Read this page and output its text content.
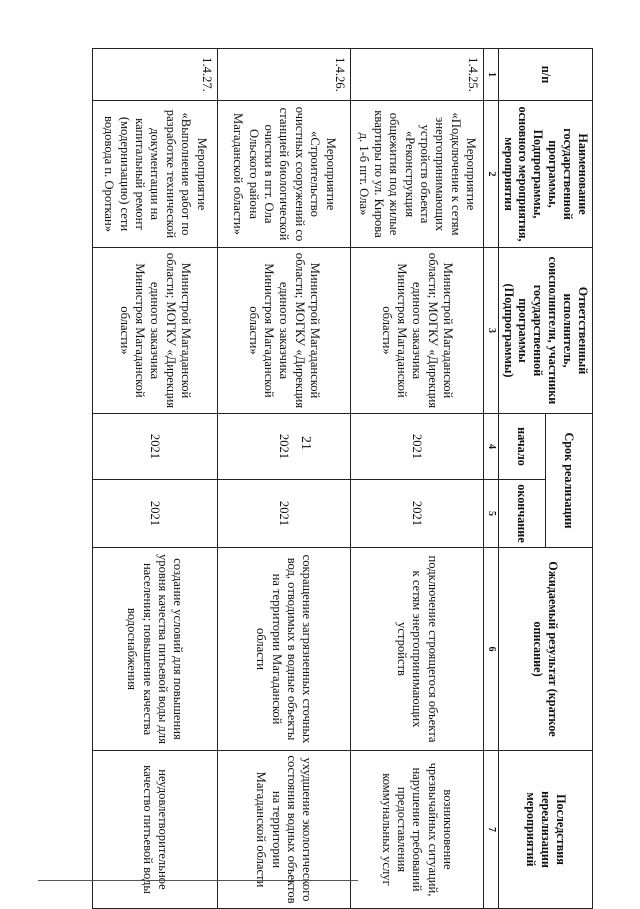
21
п/п	Наименование государственной программы, Подпрограммы, основного мероприятия, мероприятия	Ответственный исполнитель, соисполнители, участники государственной программы (Подпрограммы)	Срок реализации		Ожидаемый результат (краткое описание)	Последствия нереализации мероприятий
			начало	окончание		
1	2	3	4	5	6	7
1.4.25.	Мероприятие «Подключение к сетям энергопринимающих устройств объекта «Реконструкция общежития под жилые квартиры по ул. Кирова д. 1-б пгт. Ола»	Министрой Магаданской области; МОГКУ «Дирекция единого заказчика Министроя Магаданской области»	2021	2021	подключение строящегося объекта к сетям энергопринимающих устройств	возникновение чрезвычайных ситуаций, нарушение требований предоставления коммунальных услуг
1.4.26.	Мероприятие «Строительство очистных сооружений со станцией биологической очистки в пгт. Ола Ольского района Магаданской области»	Министрой Магаданской области; МОГКУ «Дирекция единого заказчика Министроя Магаданской области»	2021	2021	сокращение загрязненных сточных вод, отводимых в водные объекты на территории Магаданской области	ухудшение экологического состояния водных объектов на территории Магаданской области
1.4.27.	Мероприятие «Выполнение работ по разработке технической документации на капитальный ремонт (модернизацию) сети водовода п. Ороткан»	Министрой Магаданской области; МОГКУ «Дирекция единого заказчика Министроя Магаданской области»	2021	2021	создание условий для повышения уровня качества питьевой воды для населения; повышение качества водоснабжения	неудовлетворительное качество питьевой воды
